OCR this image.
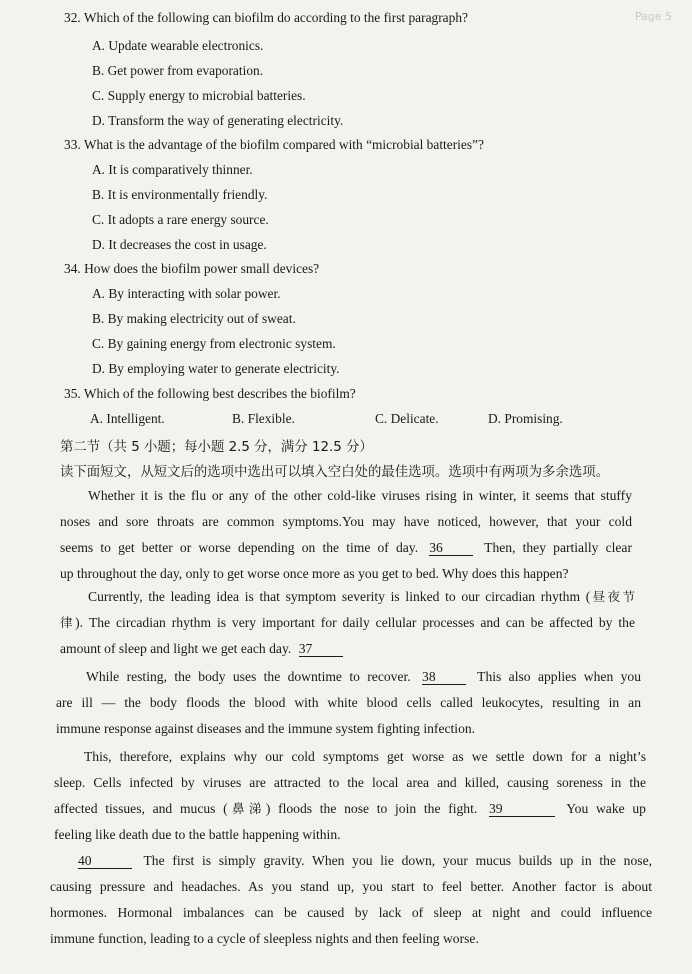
Page 5
32. Which of the following can biofilm do according to the first paragraph?
A. Update wearable electronics.
B. Get power from evaporation.
C. Supply energy to microbial batteries.
D. Transform the way of generating electricity.
33. What is the advantage of the biofilm compared with “microbial batteries”?
A. It is comparatively thinner.
B. It is environmentally friendly.
C. It adopts a rare energy source.
D. It decreases the cost in usage.
34. How does the biofilm power small devices?
A. By interacting with solar power.
B. By making electricity out of sweat.
C. By gaining energy from electronic system.
D. By employing water to generate electricity.
35. Which of the following best describes the biofilm?
A. Intelligent.	B. Flexible.	C. Delicate.	D. Promising.
第二节（共 5 小题；每小题 2.5 分，满分 12.5 分）
读下面短文，从短文后的选项中选出可以填入空白处的最佳选项。选项中有两项为多余选项。
Whether it is the flu or any of the other cold-like viruses rising in winter, it seems that stuffy
noses and sore throats are common symptoms.You may have noticed, however, that your cold
seems to get better or worse depending on the time of day. 36	Then, they partially clear
up throughout the day, only to get worse once more as you get to bed. Why does this happen?
Currently, the leading idea is that symptom severity is linked to our circadian rhythm (昼夜节
律). The circadian rhythm is very important for daily cellular processes and can be affected by the
amount of sleep and light we get each day. 37
While resting, the body uses the downtime to recover. 38	This also applies when you
are ill — the body floods the blood with white blood cells called leukocytes, resulting in an
immune response against diseases and the immune system fighting infection.
This, therefore, explains why our cold symptoms get worse as we settle down for a night’s
sleep. Cells infected by viruses are attracted to the local area and killed, causing soreness in the
affected tissues, and mucus (鼻涕) floods the nose to join the fight. 39	You wake up
feeling like death due to the battle happening within.
40	The first is simply gravity. When you lie down, your mucus builds up in the nose,
causing pressure and headaches. As you stand up, you start to feel better. Another factor is about
hormones. Hormonal imbalances can be caused by lack of sleep at night and could influence
immune function, leading to a cycle of sleepless nights and then feeling worse.
